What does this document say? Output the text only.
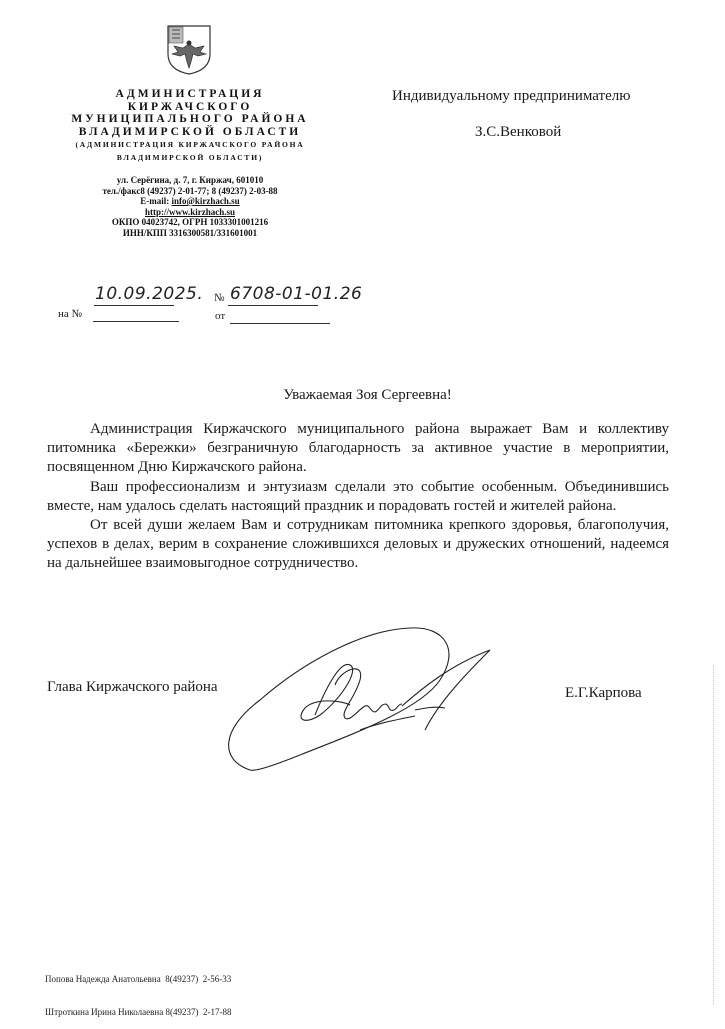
АДМИНИСТРАЦИЯ
КИРЖАЧСКОГО
МУНИЦИПАЛЬНОГО РАЙОНА
ВЛАДИМИРСКОЙ ОБЛАСТИ
(АДМИНИСТРАЦИЯ КИРЖАЧСКОГО РАЙОНА
ВЛАДИМИРСКОЙ ОБЛАСТИ)
ул. Серёгина, д. 7, г. Киржач, 601010
тел./факс8 (49237) 2-01-77; 8 (49237) 2-03-88
E-mail: info@kirzhach.su
http://www.kirzhach.su
ОКПО 04023742, ОГРН 1033301001216
ИНН/КПП 3316300581/331601001
Индивидуальному предпринимателю
З.С.Венковой
10.09.2025. № 6708-01-01.26
на №	от
Уважаемая Зоя Сергеевна!

Администрация Киржачского муниципального района выражает Вам и коллективу питомника «Бережки» безграничную благодарность за активное участие в мероприятии, посвященном Дню Киржачского района.

Ваш профессионализм и энтузиазм сделали это событие особенным. Объединившись вместе, нам удалось сделать настоящий праздник и порадовать гостей и жителей района.

От всей души желаем Вам и сотрудникам питомника крепкого здоровья, благополучия, успехов в делах, верим в сохранение сложившихся деловых и дружеских отношений, надеемся на дальнейшее взаимовыгодное сотрудничество.

Глава Киржачского района	Е.Г.Карпова

Попова Надежда Анатольевна  8(49237)  2-56-33

Штроткина Ирина Николаевна 8(49237)  2-17-88
